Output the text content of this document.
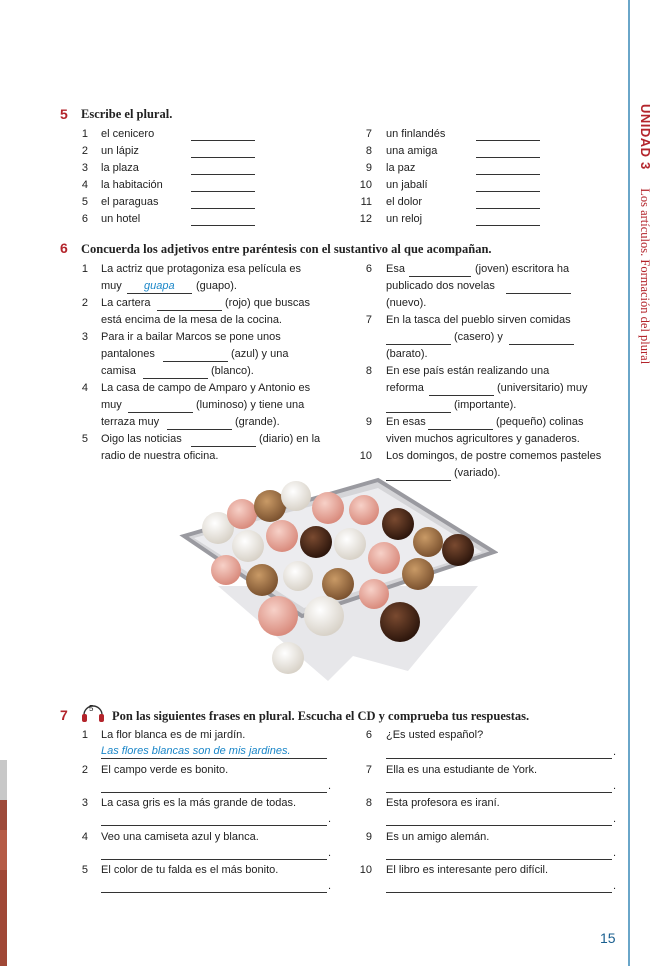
UNIDAD 3 Los artículos. Formación del plural
5 Escribe el plural.
1 el cenicero
2 un lápiz
3 la plaza
4 la habitación
5 el paraguas
6 un hotel
7 un finlandés
8 una amiga
9 la paz
10 un jabalí
11 el dolor
12 un reloj
6 Concuerda los adjetivos entre paréntesis con el sustantivo al que acompañan.
1 La actriz que protagoniza esa película es
muy guapa (guapo).
2 La cartera	(rojo) que buscas
está encima de la mesa de la cocina.
3 Para ir a bailar Marcos se pone unos
pantalones	(azul) y una
camisa	(blanco).
4 La casa de campo de Amparo y Antonio es
muy	(luminoso) y tiene una
terraza muy	(grande).
5 Oigo las noticias	(diario) en la
radio de nuestra oficina.
6 Esa	(joven) escritora ha
publicado dos novelas
(nuevo).
7 En la tasca del pueblo sirven comidas
(casero) y
(barato).
8 En ese país están realizando una
reforma	(universitario) muy
(importante).
9 En esas	(pequeño) colinas
viven muchos agricultores y ganaderos.
10 Los domingos, de postre comemos pasteles
(variado).
7	5
Pon las siguientes frases en plural. Escucha el CD y comprueba tus respuestas.
1 La flor blanca es de mi jardín.
Las flores blancas son de mis jardines.
2 El campo verde es bonito.
.
3 La casa gris es la más grande de todas.
.
4 Veo una camiseta azul y blanca.
.
5 El color de tu falda es el más bonito.
.
6 ¿Es usted español?
.
7 Ella es una estudiante de York.
.
8 Esta profesora es iraní.
.
9 Es un amigo alemán.
.
10 El libro es interesante pero difícil.
.
15
